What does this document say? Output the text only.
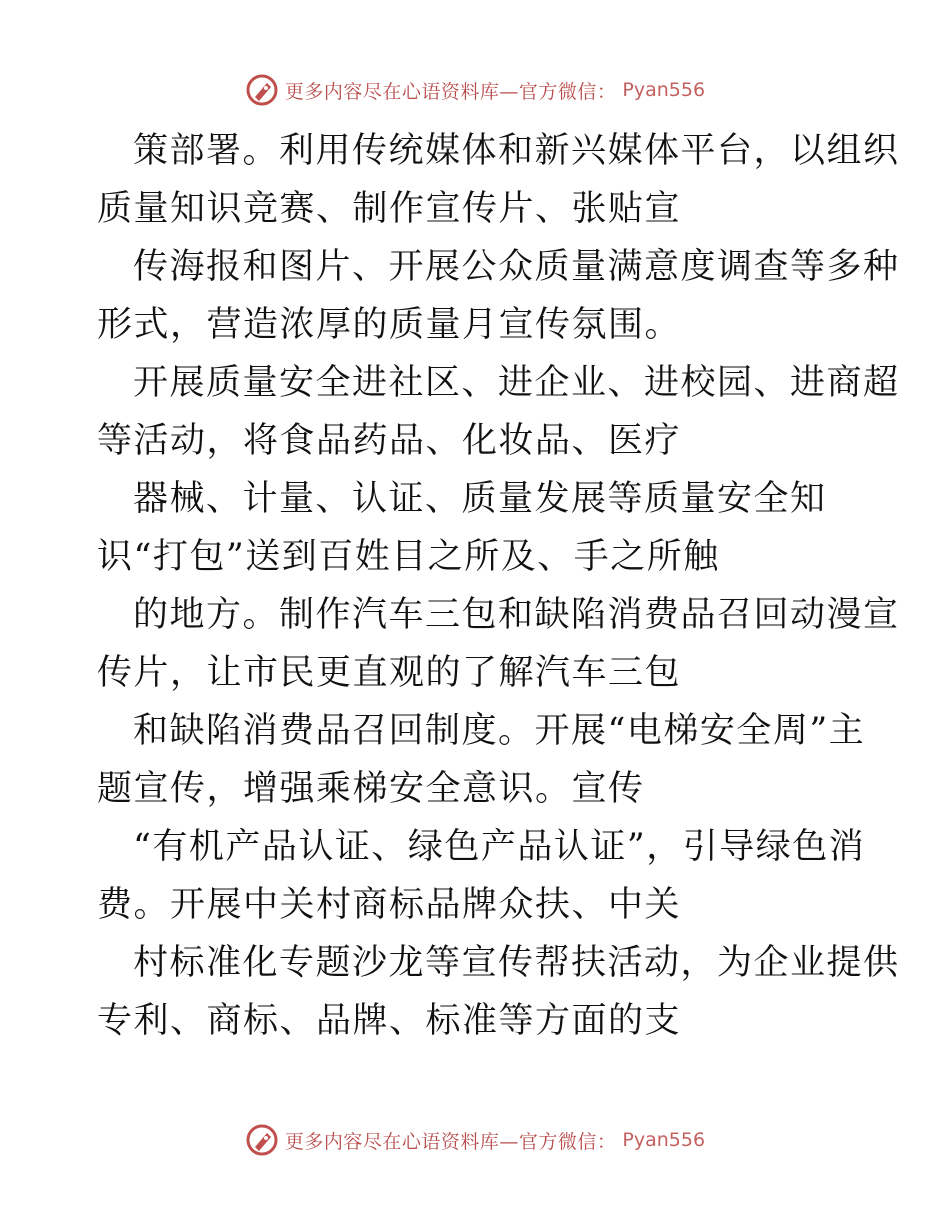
更多内容尽在心语资料库—官方微信： Pyan556
策部署。利用传统媒体和新兴媒体平台，以组织
质量知识竞赛、制作宣传片、张贴宣
传海报和图片、开展公众质量满意度调查等多种
形式，营造浓厚的质量月宣传氛围。
开展质量安全进社区、进企业、进校园、进商超
等活动，将食品药品、化妆品、医疗
器械、计量、认证、质量发展等质量安全知
识“打包”送到百姓目之所及、手之所触
的地方。制作汽车三包和缺陷消费品召回动漫宣
传片，让市民更直观的了解汽车三包
和缺陷消费品召回制度。开展“电梯安全周”主
题宣传，增强乘梯安全意识。宣传
“有机产品认证、绿色产品认证”，引导绿色消
费。开展中关村商标品牌众扶、中关
村标准化专题沙龙等宣传帮扶活动，为企业提供
专利、商标、品牌、标准等方面的支
更多内容尽在心语资料库—官方微信： Pyan556
